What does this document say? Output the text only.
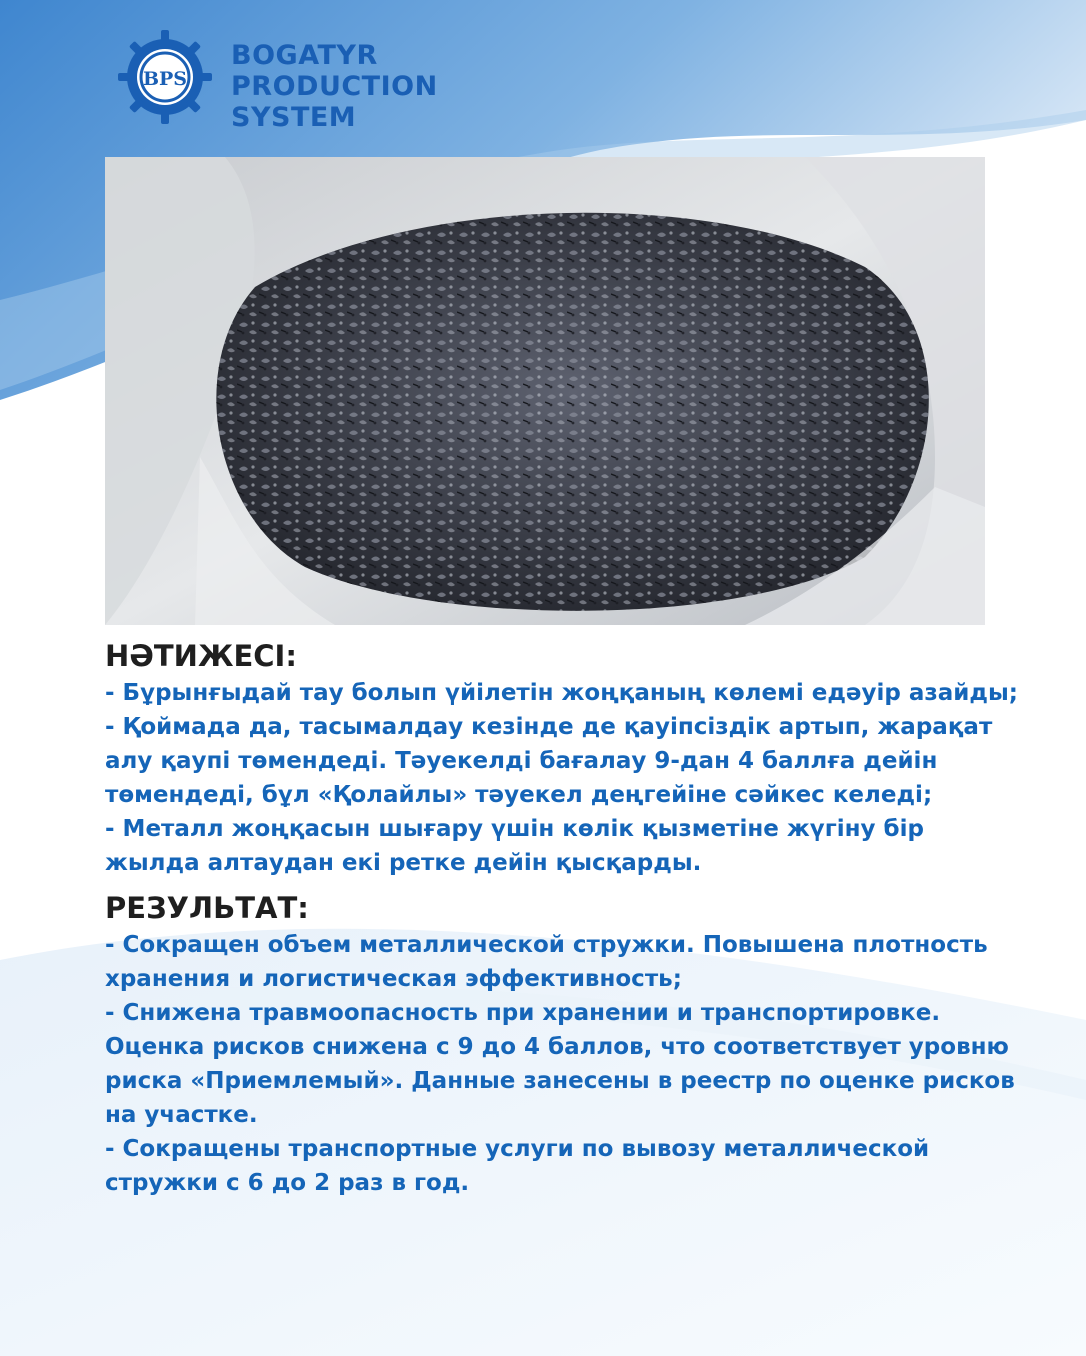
BPS
BOGATYR
PRODUCTION
SYSTEM
НӘТИЖЕСІ:

- Бұрынғыдай тау болып үйілетін жоңқаның көлемі едәуір азайды;

- Қоймада да, тасымалдау кезінде де қауіпсіздік артып, жарақат алу қаупі төмендеді. Тәуекелді бағалау 9-дан 4 баллға дейін төмендеді, бұл «Қолайлы» тәуекел деңгейіне сәйкес келеді;

- Металл жоңқасын шығару үшін көлік қызметіне жүгіну бір жылда алтаудан екі ретке дейін қысқарды.

РЕЗУЛЬТАТ:

- Сокращен объем металлической стружки. Повышена плотность хранения и логистическая эффективность;

- Снижена травмоопасность при хранении и транспортировке. Оценка рисков снижена с 9 до 4 баллов, что соответствует уровню риска «Приемлемый». Данные занесены в реестр по оценке рисков на участке.

- Сокращены транспортные услуги по вывозу металлической стружки с 6 до 2 раз в год.
